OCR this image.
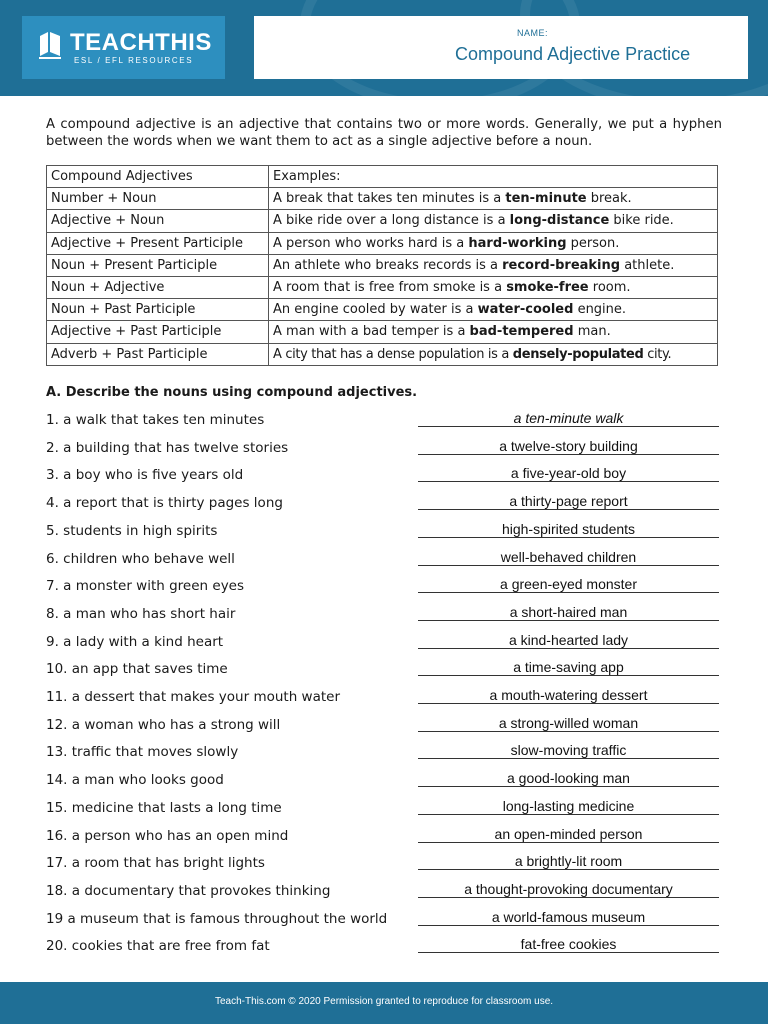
TEACHTHIS
ESL / EFL RESOURCES
NAME:
Compound Adjective Practice
A compound adjective is an adjective that contains two or more words. Generally, we put a hyphen between the words when we want them to act as a single adjective before a noun.
Compound Adjectives	Examples:
Number + Noun	A break that takes ten minutes is a ten-minute break.
Adjective + Noun	A bike ride over a long distance is a long-distance bike ride.
Adjective + Present Participle	A person who works hard is a hard-working person.
Noun + Present Participle	An athlete who breaks records is a record-breaking athlete.
Noun + Adjective	A room that is free from smoke is a smoke-free room.
Noun + Past Participle	An engine cooled by water is a water-cooled engine.
Adjective + Past Participle	A man with a bad temper is a bad-tempered man.
Adverb + Past Participle	A city that has a dense population is a densely-populated city.
A. Describe the nouns using compound adjectives.
1. a walk that takes ten minutes	a ten-minute walk
2. a building that has twelve stories	a twelve-story building
3. a boy who is five years old	a five-year-old boy
4. a report that is thirty pages long	a thirty-page report
5. students in high spirits	high-spirited students
6. children who behave well	well-behaved children
7. a monster with green eyes	a green-eyed monster
8. a man who has short hair	a short-haired man
9. a lady with a kind heart	a kind-hearted lady
10. an app that saves time	a time-saving app
11. a dessert that makes your mouth water	a mouth-watering dessert
12. a woman who has a strong will	a strong-willed woman
13. traffic that moves slowly	slow-moving traffic
14. a man who looks good	a good-looking man
15. medicine that lasts a long time	long-lasting medicine
16. a person who has an open mind	an open-minded person
17. a room that has bright lights	a brightly-lit room
18. a documentary that provokes thinking	a thought-provoking documentary
19 a museum that is famous throughout the world	a world-famous museum
20. cookies that are free from fat	fat-free cookies
Teach-This.com © 2020 Permission granted to reproduce for classroom use.
